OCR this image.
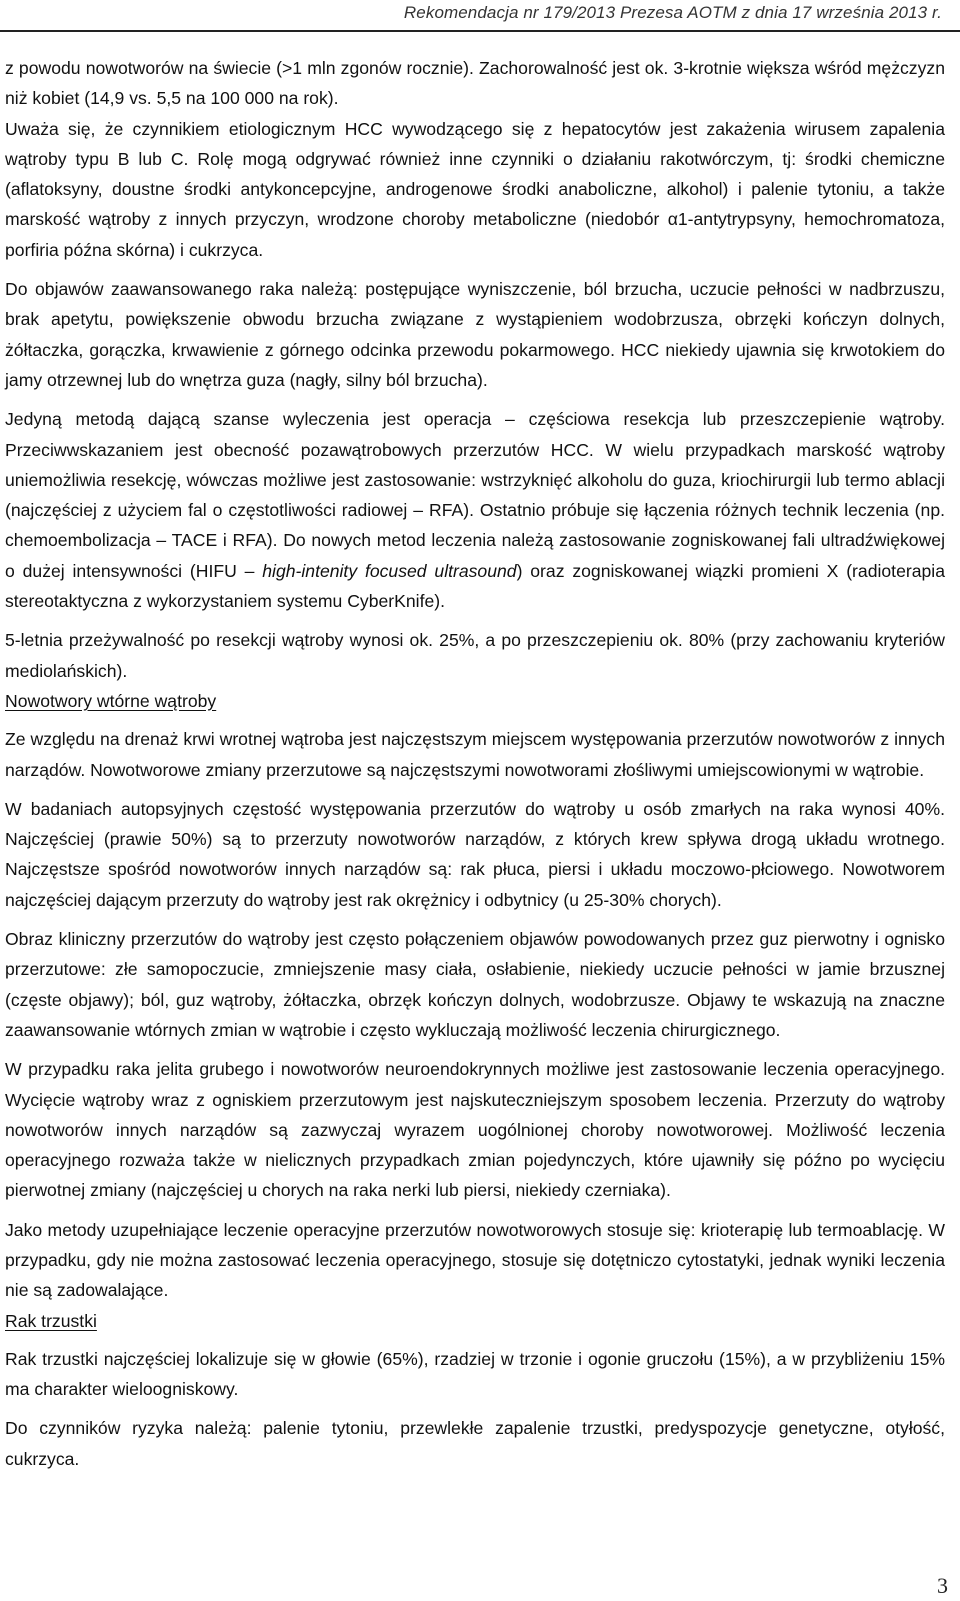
Rekomendacja nr 179/2013 Prezesa AOTM z dnia 17 września 2013 r.

z powodu nowotworów na świecie (>1 mln zgonów rocznie). Zachorowalność jest ok. 3-krotnie większa wśród mężczyzn niż kobiet (14,9 vs. 5,5 na 100 000 na rok).

Uważa się, że czynnikiem etiologicznym HCC wywodzącego się z hepatocytów jest zakażenia wirusem zapalenia wątroby typu B lub C. Rolę mogą odgrywać również inne czynniki o działaniu rakotwórczym, tj: środki chemiczne (aflatoksyny, doustne środki antykoncepcyjne, androgenowe środki anaboliczne, alkohol) i palenie tytoniu, a także marskość wątroby z innych przyczyn, wrodzone choroby metaboliczne (niedobór α1-antytrypsyny, hemochromatoza, porfiria późna skórna) i cukrzyca.

Do objawów zaawansowanego raka należą: postępujące wyniszczenie, ból brzucha, uczucie pełności w nadbrzuszu, brak apetytu, powiększenie obwodu brzucha związane z wystąpieniem wodobrzusza, obrzęki kończyn dolnych, żółtaczka, gorączka, krwawienie z górnego odcinka przewodu pokarmowego. HCC niekiedy ujawnia się krwotokiem do jamy otrzewnej lub do wnętrza guza (nagły, silny ból brzucha).

Jedyną metodą dającą szanse wyleczenia jest operacja – częściowa resekcja lub przeszczepienie wątroby. Przeciwwskazaniem jest obecność pozawątrobowych przerzutów HCC. W wielu przypadkach marskość wątroby uniemożliwia resekcję, wówczas możliwe jest zastosowanie: wstrzyknięć alkoholu do guza, kriochirurgii lub termo ablacji (najczęściej z użyciem fal o częstotliwości radiowej – RFA). Ostatnio próbuje się łączenia różnych technik leczenia (np. chemoembolizacja – TACE i RFA). Do nowych metod leczenia należą zastosowanie zogniskowanej fali ultradźwiękowej o dużej intensywności (HIFU – high-intenity focused ultrasound) oraz zogniskowanej wiązki promieni X (radioterapia stereotaktyczna z wykorzystaniem systemu CyberKnife).

5-letnia przeżywalność po resekcji wątroby wynosi ok. 25%, a po przeszczepieniu ok. 80% (przy zachowaniu kryteriów mediolańskich).

Nowotwory wtórne wątroby

Ze względu na drenaż krwi wrotnej wątroba jest najczęstszym miejscem występowania przerzutów nowotworów z innych narządów. Nowotworowe zmiany przerzutowe są najczęstszymi nowotworami złośliwymi umiejscowionymi w wątrobie.

W badaniach autopsyjnych częstość występowania przerzutów do wątroby u osób zmarłych na raka wynosi 40%. Najczęściej (prawie 50%) są to przerzuty nowotworów narządów, z których krew spływa drogą układu wrotnego. Najczęstsze spośród nowotworów innych narządów są: rak płuca, piersi i układu moczowo-płciowego. Nowotworem najczęściej dającym przerzuty do wątroby jest rak okrężnicy i odbytnicy (u 25-30% chorych).

Obraz kliniczny przerzutów do wątroby jest często połączeniem objawów powodowanych przez guz pierwotny i ognisko przerzutowe: złe samopoczucie, zmniejszenie masy ciała, osłabienie, niekiedy uczucie pełności w jamie brzusznej (częste objawy); ból, guz wątroby, żółtaczka, obrzęk kończyn dolnych, wodobrzusze. Objawy te wskazują na znaczne zaawansowanie wtórnych zmian w wątrobie i często wykluczają możliwość leczenia chirurgicznego.

W przypadku raka jelita grubego i nowotworów neuroendokrynnych możliwe jest zastosowanie leczenia operacyjnego. Wycięcie wątroby wraz z ogniskiem przerzutowym jest najskuteczniejszym sposobem leczenia. Przerzuty do wątroby nowotworów innych narządów są zazwyczaj wyrazem uogólnionej choroby nowotworowej. Możliwość leczenia operacyjnego rozważa także w nielicznych przypadkach zmian pojedynczych, które ujawniły się późno po wycięciu pierwotnej zmiany (najczęściej u chorych na raka nerki lub piersi, niekiedy czerniaka).

Jako metody uzupełniające leczenie operacyjne przerzutów nowotworowych stosuje się: krioterapię lub termoablację. W przypadku, gdy nie można zastosować leczenia operacyjnego, stosuje się dotętniczo cytostatyki, jednak wyniki leczenia nie są zadowalające.

Rak trzustki

Rak trzustki najczęściej lokalizuje się w głowie (65%), rzadziej w trzonie i ogonie gruczołu (15%), a w przybliżeniu 15% ma charakter wieloogniskowy.

Do czynników ryzyka należą: palenie tytoniu, przewlekłe zapalenie trzustki, predyspozycje genetyczne, otyłość, cukrzyca.

3
